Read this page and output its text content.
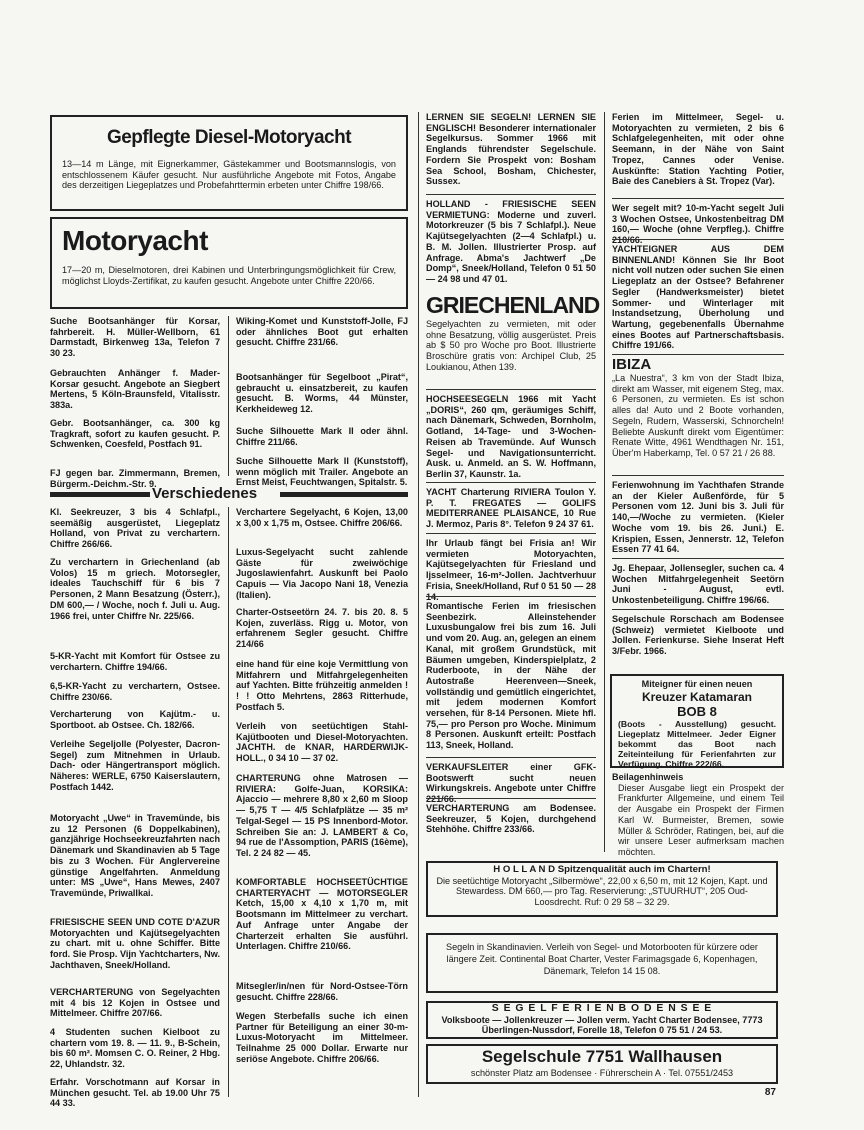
Gepflegte Diesel-Motoryacht

13—14 m Länge, mit Eignerkammer, Gästekammer und Bootsmannslogis, von entschlossenem Käufer gesucht. Nur ausführliche Angebote mit Fotos, Angabe des derzeitigen Liegeplatzes und Probefahrttermin erbeten unter Chiffre 198/66.

Motoryacht

17—20 m, Dieselmotoren, drei Kabinen und Unterbringungsmöglichkeit für Crew, möglichst Lloyds-Zertifikat, zu kaufen gesucht. Angebote unter Chiffre 220/66.

Suche Bootsanhänger für Korsar, fahrbereit. H. Müller-Wellborn, 61 Darmstadt, Birkenweg 13a, Telefon 7 30 23.

Gebrauchten Anhänger f. Mader-Korsar gesucht. Angebote an Siegbert Mertens, 5 Köln-Braunsfeld, Vitalisstr. 383a.

Gebr. Bootsanhänger, ca. 300 kg Tragkraft, sofort zu kaufen gesucht. P. Schwenken, Coesfeld, Postfach 91.

FJ gegen bar. Zimmermann, Bremen, Bürgerm.-Deichm.-Str. 9.

Wiking-Komet und Kunststoff-Jolle, FJ oder ähnliches Boot gut erhalten gesucht. Chiffre 231/66.

Bootsanhänger für Segelboot „Pirat“, gebraucht u. einsatzbereit, zu kaufen gesucht. B. Worms, 44 Münster, Kerkheideweg 12.

Suche Silhouette Mark II oder ähnl. Chiffre 211/66.

Suche Silhouette Mark II (Kunststoff), wenn möglich mit Trailer. Angebote an Ernst Meist, Feuchtwangen, Spitalstr. 5.

Verschiedenes

Kl. Seekreuzer, 3 bis 4 Schlafpl., seemäßig ausgerüstet, Liegeplatz Holland, von Privat zu verchartern. Chiffre 266/66.

Zu verchartern in Griechenland (ab Volos) 15 m griech. Motorsegler, ideales Tauchschiff für 6 bis 7 Personen, 2 Mann Besatzung (Österr.), DM 600,— / Woche, noch f. Juli u. Aug. 1966 frei, unter Chiffre Nr. 225/66.

5-KR-Yacht mit Komfort für Ostsee zu verchartern. Chiffre 194/66.

6,5-KR-Yacht zu verchartern, Ostsee. Chiffre 230/66.

Vercharterung von Kajütm.- u. Sportboot. ab Ostsee. Ch. 182/66.

Verleihe Segeljolle (Polyester, Dacron-Segel) zum Mitnehmen in Urlaub. Dach- oder Hängertransport möglich. Näheres: WERLE, 6750 Kaiserslautern, Postfach 1442.

Motoryacht „Uwe“ in Travemünde, bis zu 12 Personen (6 Doppelkabinen), ganzjährige Hochseekreuzfahrten nach Dänemark und Skandinavien ab 5 Tage bis zu 3 Wochen. Für Anglervereine günstige Angelfahrten. Anmeldung unter: MS „Uwe“, Hans Mewes, 2407 Travemünde, Priwallkai.

FRIESISCHE SEEN UND COTE D'AZUR Motoryachten und Kajütsegelyachten zu chart. mit u. ohne Schiffer. Bitte ford. Sie Prosp. Vijn Yachtcharters, Nw. Jachthaven, Sneek/Holland.

VERCHARTERUNG von Segelyachten mit 4 bis 12 Kojen in Ostsee und Mittelmeer. Chiffre 207/66.

4 Studenten suchen Kielboot zu chartern vom 19. 8. — 11. 9., B-Schein, bis 60 m². Momsen C. O. Reiner, 2 Hbg. 22, Uhlandstr. 32.

Erfahr. Vorschotmann auf Korsar in München gesucht. Tel. ab 19.00 Uhr 75 44 33.

Verchartere Segelyacht, 6 Kojen, 13,00 x 3,00 x 1,75 m, Ostsee. Chiffre 206/66.

Luxus-Segelyacht sucht zahlende Gäste für zweiwöchige Jugoslawienfahrt. Auskunft bei Paolo Capuis — Via Jacopo Nani 18, Venezia (Italien).

Charter-Ostseetörn 24. 7. bis 20. 8. 5 Kojen, zuverläss. Rigg u. Motor, von erfahrenem Segler gesucht. Chiffre 214/66

eine hand für eine koje Vermittlung von Mitfahrern und Mitfahrgelegenheiten auf Yachten. Bitte frühzeitig anmelden ! ! ! Otto Mehrtens, 2863 Ritterhude, Postfach 5.

Verleih von seetüchtigen Stahl-Kajütbooten und Diesel-Motoryachten. JACHTH. de KNAR, HARDERWIJK-HOLL., 0 34 10 — 37 02.

CHARTERUNG ohne Matrosen — RIVIERA: Golfe-Juan, KORSIKA: Ajaccio — mehrere 8,80 x 2,60 m Sloop — 5,75 T — 4/5 Schlafplätze — 35 m² Telgal-Segel — 15 PS Innenbord-Motor. Schreiben Sie an: J. LAMBERT & Co, 94 rue de l'Assomption, PARIS (16ème), Tel. 2 24 82 — 45.

KOMFORTABLE HOCHSEETÜCHTIGE CHARTERYACHT — MOTORSEGLER Ketch, 15,00 x 4,10 x 1,70 m, mit Bootsmann im Mittelmeer zu verchart. Auf Anfrage unter Angabe der Charterzeit erhalten Sie ausführl. Unterlagen. Chiffre 210/66.

Mitsegler/in/nen für Nord-Ostsee-Törn gesucht. Chiffre 228/66.

Wegen Sterbefalls suche ich einen Partner für Beteiligung an einer 30-m-Luxus-Motoryacht im Mittelmeer. Teilnahme 25 000 Dollar. Erwarte nur seriöse Angebote. Chiffre 206/66.

LERNEN SIE SEGELN! LERNEN SIE ENGLISCH! Besonderer internationaler Segelkursus. Sommer 1966 mit Englands führendster Segelschule. Fordern Sie Prospekt von: Bosham Sea School, Bosham, Chichester, Sussex.

HOLLAND - FRIESISCHE SEEN VERMIETUNG: Moderne und zuverl. Motorkreuzer (5 bis 7 Schlafpl.). Neue Kajütsegelyachten (2—4 Schlafpl.) u. B. M. Jollen. Illustrierter Prosp. auf Anfrage. Abma's Jachtwerf „De Domp“, Sneek/Holland, Telefon 0 51 50 — 24 98 und 47 01.

GRIECHENLAND

Segelyachten zu vermieten, mit oder ohne Besatzung, völlig ausgerüstet. Preis ab $ 50 pro Woche pro Boot. Illustrierte Broschüre gratis von: Archipel Club, 25 Loukianou, Athen 139.

HOCHSEESEGELN 1966 mit Yacht „DORIS“, 260 qm, geräumiges Schiff, nach Dänemark, Schweden, Bornholm, Gotland, 14-Tage- und 3-Wochen-Reisen ab Travemünde. Auf Wunsch Segel- und Navigationsunterricht. Ausk. u. Anmeld. an S. W. Hoffmann, Berlin 37, Kaunstr. 1a.

YACHT Charterung RIVIERA Toulon Y. P. T. FREGATES — GOLIFS MEDITERRANEE PLAISANCE, 10 Rue J. Mermoz, Paris 8°. Telefon 9 24 37 61.

Ihr Urlaub fängt bei Frisia an! Wir vermieten Motoryachten, Kajütsegelyachten für Friesland und Ijsselmeer, 16-m²-Jollen. Jachtverhuur Frisia, Sneek/Holland, Ruf 0 51 50 — 28 14.

Romantische Ferien im friesischen Seenbezirk. Alleinstehender Luxusbungalow frei bis zum 16. Juli und vom 20. Aug. an, gelegen an einem Kanal, mit großem Grundstück, mit Bäumen umgeben, Kinderspielplatz, 2 Ruderboote, in der Nähe der Autostraße Heerenveen—Sneek, vollständig und gemütlich eingerichtet, mit jedem modernen Komfort versehen, für 8-14 Personen. Miete hfl. 75,— pro Person pro Woche. Minimum 8 Personen. Auskunft erteilt: Postfach 113, Sneek, Holland.

VERKAUFSLEITER einer GFK-Bootswerft sucht neuen Wirkungskreis. Angebote unter Chiffre 221/66.

VERCHARTERUNG am Bodensee. Seekreuzer, 5 Kojen, durchgehend Stehhöhe. Chiffre 233/66.

Ferien im Mittelmeer, Segel- u. Motoryachten zu vermieten, 2 bis 6 Schlafgelegenheiten, mit oder ohne Seemann, in der Nähe von Saint Tropez, Cannes oder Venise. Auskünfte: Station Yachting Potier, Baie des Canebiers à St. Tropez (Var).

Wer segelt mit? 10-m-Yacht segelt Juli 3 Wochen Ostsee, Unkostenbeitrag DM 160,— Woche (ohne Verpfleg.). Chiffre 210/66.

YACHTEIGNER AUS DEM BINNENLAND! Können Sie Ihr Boot nicht voll nutzen oder suchen Sie einen Liegeplatz an der Ostsee? Befahrener Segler (Handwerksmeister) bietet Sommer- und Winterlager mit Instandsetzung, Überholung und Wartung, gegebenenfalls Übernahme eines Bootes auf Partnerschaftsbasis. Chiffre 191/66.

IBIZA

„La Nuestra“, 3 km von der Stadt Ibiza, direkt am Wasser, mit eigenem Steg, max. 6 Personen, zu vermieten. Es ist schon alles da! Auto und 2 Boote vorhanden, Segeln, Rudern, Wasserski, Schnorcheln! Beliebte Auskunft direkt vom Eigentümer: Renate Witte, 4961 Wendthagen Nr. 151, Über'm Haberkamp, Tel. 0 57 21 / 26 88.

Ferienwohnung im Yachthafen Strande an der Kieler Außenförde, für 5 Personen vom 12. Juni bis 3. Juli für 140,—/Woche zu vermieten. (Kieler Woche vom 19. bis 26. Juni.) E. Krispien, Essen, Jennerstr. 12, Telefon Essen 77 41 64.

Jg. Ehepaar, Jollensegler, suchen ca. 4 Wochen Mitfahrgelegenheit Seetörn Juni - August, evtl. Unkostenbeteiligung. Chiffre 196/66.

Segelschule Rorschach am Bodensee (Schweiz) vermietet Kielboote und Jollen. Ferienkurse. Siehe Inserat Heft 3/Febr. 1966.

Miteigner für einen neuen
Kreuzer Katamaran
BOB 8

(Boots - Ausstellung) gesucht. Liegeplatz Mittelmeer. Jeder Eigner bekommt das Boot nach Zeiteinteilung für Ferienfahrten zur Verfügung. Chiffre 222/66.

Beilagenhinweis

Dieser Ausgabe liegt ein Prospekt der Frankfurter Allgemeine, und einem Teil der Ausgabe ein Prospekt der Firmen Karl W. Burmeister, Bremen, sowie Müller & Schröder, Ratingen, bei, auf die wir unsere Leser aufmerksam machen möchten.

H O L L A N D Spitzenqualität auch im Chartern!

Die seetüchtige Motoryacht „Silbermöwe“, 22,00 x 6,50 m, mit 12 Kojen, Kapt. und Stewardess. DM 660,— pro Tag. Reservierung: „STUURHUT“, 205 Oud-Loosdrecht. Ruf: 0 29 58 – 32 29.

Segeln in Skandinavien. Verleih von Segel- und Motorbooten für kürzere oder längere Zeit. Continental Boat Charter, Vester Farimagsgade 6, Kopenhagen, Dänemark, Telefon 14 15 08.

S E G E L F E R I E N B O D E N S E E

Volksboote — Jollenkreuzer — Jollen verm. Yacht Charter Bodensee, 7773 Überlingen-Nussdorf, Forelle 18, Telefon 0 75 51 / 24 53.

Segelschule 7751 Wallhausen

schönster Platz am Bodensee · Führerschein A · Tel. 07551/2453

87
